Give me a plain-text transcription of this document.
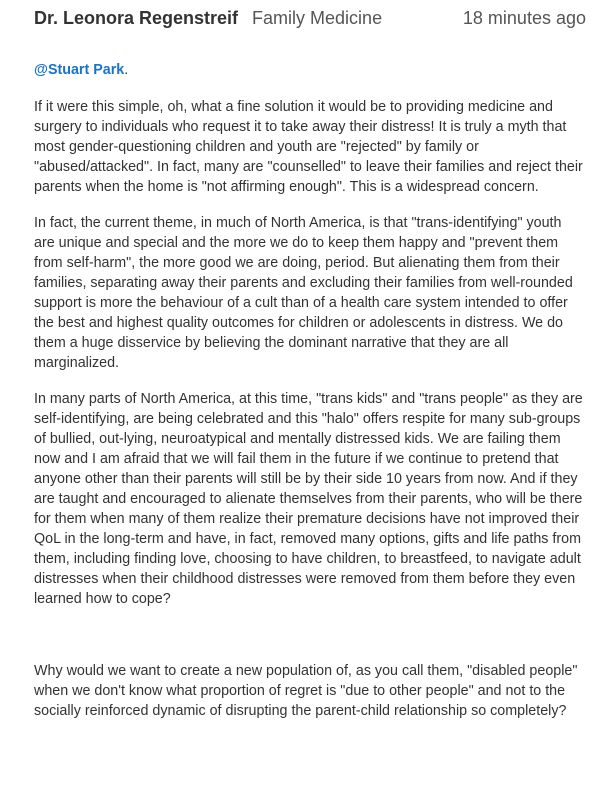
Dr. Leonora Regenstreif Family Medicine	18 minutes ago

@Stuart Park.

If it were this simple, oh, what a fine solution it would be to providing medicine and surgery to individuals who request it to take away their distress! It is truly a myth that most gender-questioning children and youth are "rejected" by family or "abused/attacked". In fact, many are "counselled" to leave their families and reject their parents when the home is "not affirming enough". This is a widespread concern.

In fact, the current theme, in much of North America, is that "trans-identifying" youth are unique and special and the more we do to keep them happy and "prevent them from self-harm", the more good we are doing, period. But alienating them from their families, separating away their parents and excluding their families from well-rounded support is more the behaviour of a cult than of a health care system intended to offer the best and highest quality outcomes for children or adolescents in distress. We do them a huge disservice by believing the dominant narrative that they are all marginalized.

In many parts of North America, at this time, "trans kids" and "trans people" as they are self-identifying, are being celebrated and this "halo" offers respite for many sub-groups of bullied, out-lying, neuroatypical and mentally distressed kids. We are failing them now and I am afraid that we will fail them in the future if we continue to pretend that anyone other than their parents will still be by their side 10 years from now. And if they are taught and encouraged to alienate themselves from their parents, who will be there for them when many of them realize their premature decisions have not improved their QoL in the long-term and have, in fact, removed many options, gifts and life paths from them, including finding love, choosing to have children, to breastfeed, to navigate adult distresses when their childhood distresses were removed from them before they even learned how to cope?

Why would we want to create a new population of, as you call them, "disabled people" when we don't know what proportion of regret is "due to other people" and not to the socially reinforced dynamic of disrupting the parent-child relationship so completely?
